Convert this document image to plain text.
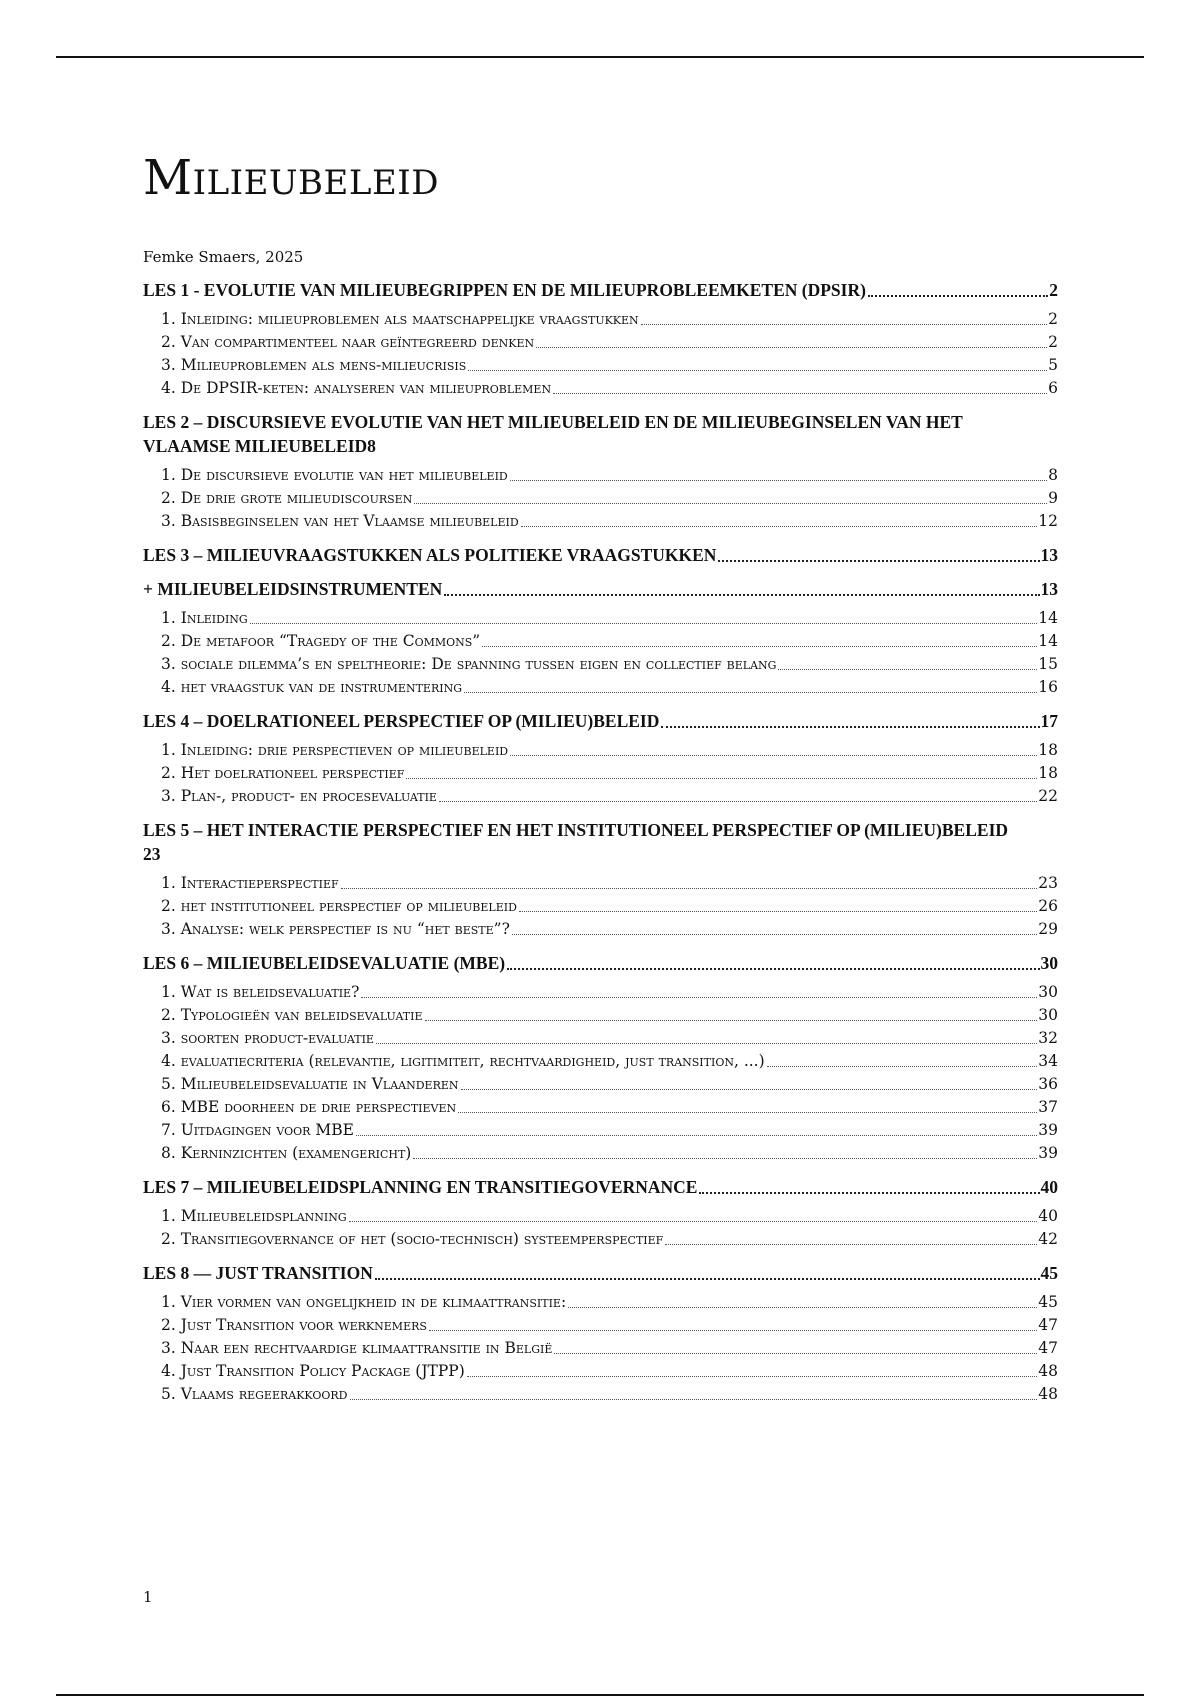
Milieubeleid
Femke Smaers, 2025
LES 1 - EVOLUTIE VAN MILIEUBEGRIPPEN EN DE MILIEUPROBLEEMKETEN (DPSIR)	2
1. Inleiding: milieuproblemen als maatschappelijke vraagstukken	2
2. Van compartimenteel naar geïntegreerd denken	2
3. Milieuproblemen als mens-milieucrisis	5
4. De DPSIR-keten: analyseren van milieuproblemen	6
LES 2 – DISCURSIEVE EVOLUTIE VAN HET MILIEUBELEID EN DE MILIEUBEGINSELEN VAN HET
VLAAMSE MILIEUBELEID 8
1. De discursieve evolutie van het milieubeleid	8
2. De drie grote milieudiscoursen	9
3. Basisbeginselen van het Vlaamse milieubeleid	12
LES 3 – MILIEUVRAAGSTUKKEN ALS POLITIEKE VRAAGSTUKKEN	13
+ MILIEUBELEIDSINSTRUMENTEN	13
1. Inleiding	14
2. De metafoor “Tragedy of the Commons”	14
3. sociale dilemma’s en speltheorie: De spanning tussen eigen en collectief belang	15
4. het vraagstuk van de instrumentering	16
LES 4 – DOELRATIONEEL PERSPECTIEF OP (MILIEU)BELEID	17
1. Inleiding: drie perspectieven op milieubeleid	18
2. Het doelrationeel perspectief	18
3. Plan-, product- en procesevaluatie	22
LES 5 – HET INTERACTIE PERSPECTIEF EN HET INSTITUTIONEEL PERSPECTIEF OP (MILIEU)BELEID
23
1. Interactieperspectief	23
2. het institutioneel perspectief op milieubeleid	26
3. Analyse: welk perspectief is nu “het beste”?	29
LES 6 – MILIEUBELEIDSEVALUATIE (MBE)	30
1. Wat is beleidsevaluatie?	30
2. Typologieën van beleidsevaluatie	30
3. soorten product-evaluatie	32
4. evaluatiecriteria (relevantie, ligitimiteit, rechtvaardigheid, just transition, ...)	34
5. Milieubeleidsevaluatie in Vlaanderen	36
6. MBE doorheen de drie perspectieven	37
7. Uitdagingen voor MBE	39
8. Kerninzichten (examengericht)	39
LES 7 – MILIEUBELEIDSPLANNING EN TRANSITIEGOVERNANCE	40
1. Milieubeleidsplanning	40
2. Transitiegovernance of het (socio-technisch) systeemperspectief	42
LES 8 — JUST TRANSITION	45
1. Vier vormen van ongelijkheid in de klimaattransitie:	45
2. Just Transition voor werknemers	47
3. Naar een rechtvaardige klimaattransitie in België	47
4. Just Transition Policy Package (JTPP)	48
5. Vlaams regeerakkoord	48
1
